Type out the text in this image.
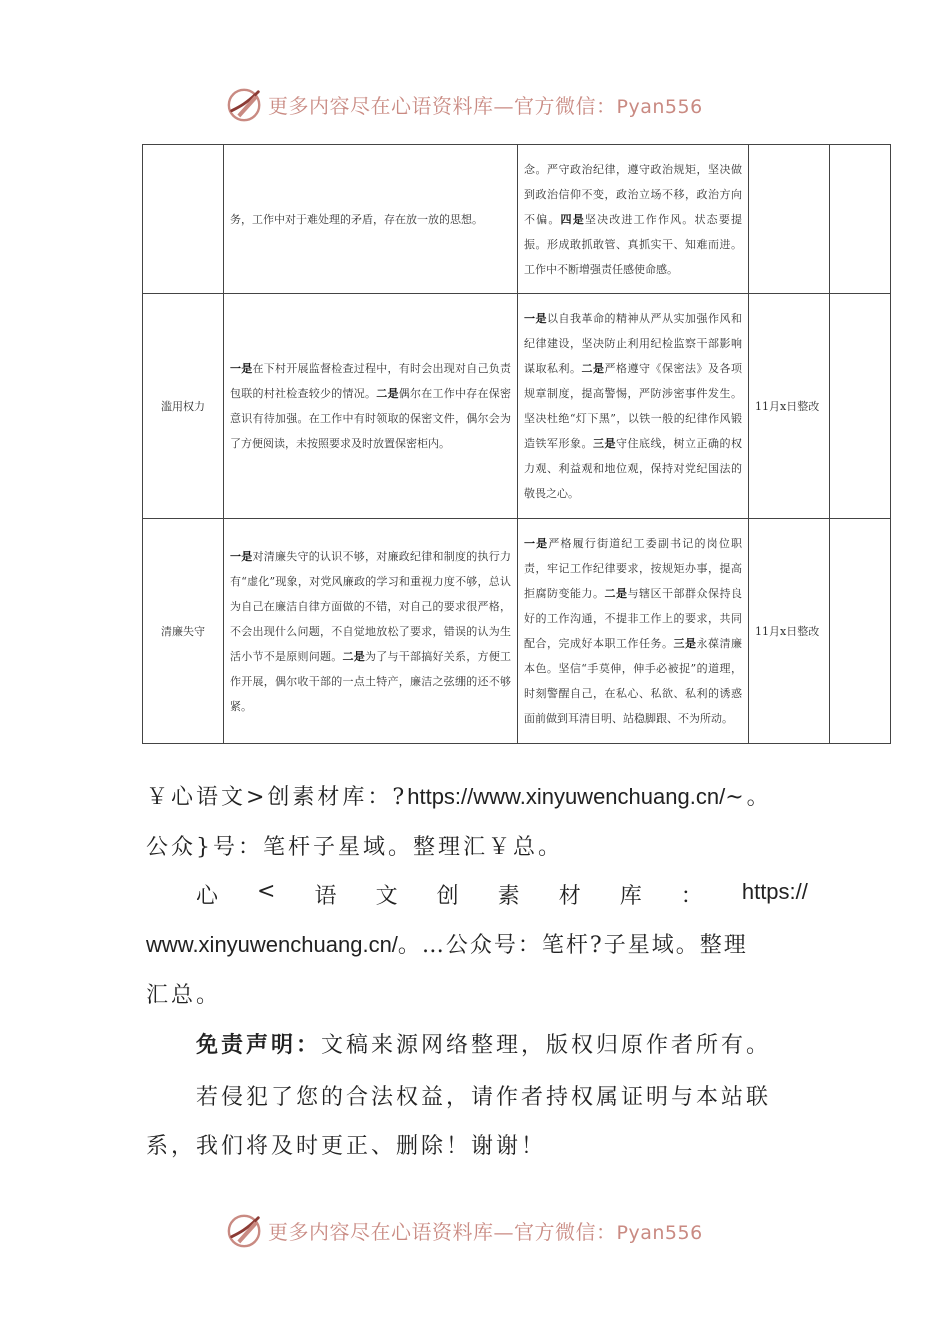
更多内容尽在心语资料库—官方微信：Pyan556
	务，工作中对于难处理的矛盾，存在放一放的思想。	念。严守政治纪律，遵守政治规矩，坚决做到政治信仰不变，政治立场不移，政治方向不偏。四是坚决改进工作作风。状态要提振。形成敢抓敢管、真抓实干、知难而进。工作中不断增强责任感使命感。		
滥用权力	一是在下村开展监督检查过程中，有时会出现对自己负责包联的村社检查较少的情况。二是偶尔在工作中存在保密意识有待加强。在工作中有时领取的保密文件，偶尔会为了方便阅读，未按照要求及时放置保密柜内。	一是以自我革命的精神从严从实加强作风和纪律建设，坚决防止利用纪检监察干部影响谋取私利。二是严格遵守《保密法》及各项规章制度，提高警惕，严防涉密事件发生。坚决杜绝“灯下黑”，以铁一般的纪律作风锻造铁军形象。三是守住底线，树立正确的权力观、利益观和地位观，保持对党纪国法的敬畏之心。	11月x日整改	
清廉失守	一是对清廉失守的认识不够，对廉政纪律和制度的执行力有“虚化”现象，对党风廉政的学习和重视力度不够，总认为自己在廉洁自律方面做的不错，对自己的要求很严格，不会出现什么问题，不自觉地放松了要求，错误的认为生活小节不是原则问题。二是为了与干部搞好关系，方便工作开展，偶尔收干部的一点土特产，廉洁之弦绷的还不够紧。	一是严格履行街道纪工委副书记的岗位职责，牢记工作纪律要求，按规矩办事，提高拒腐防变能力。二是与辖区干部群众保持良好的工作沟通，不提非工作上的要求，共同配合，完成好本职工作任务。三是永葆清廉本色。坚信“手莫伸，伸手必被捉”的道理，时刻警醒自己，在私心、私欲、私利的诱惑面前做到耳清目明、站稳脚跟、不为所动。	11月x日整改	
￥心语文>创素材库：?https://www.xinyuwenchuang.cn/~。
公众}号：笔杆子星域。整理汇￥总。
心 < 语 文 创 素 材 库 ： https://
www.xinyuwenchuang.cn/。…公众号：笔杆?子星域。整理
汇总。
免责声明：文稿来源网络整理，版权归原作者所有。
若侵犯了您的合法权益，请作者持权属证明与本站联
系，我们将及时更正、删除！谢谢！
更多内容尽在心语资料库—官方微信：Pyan556
